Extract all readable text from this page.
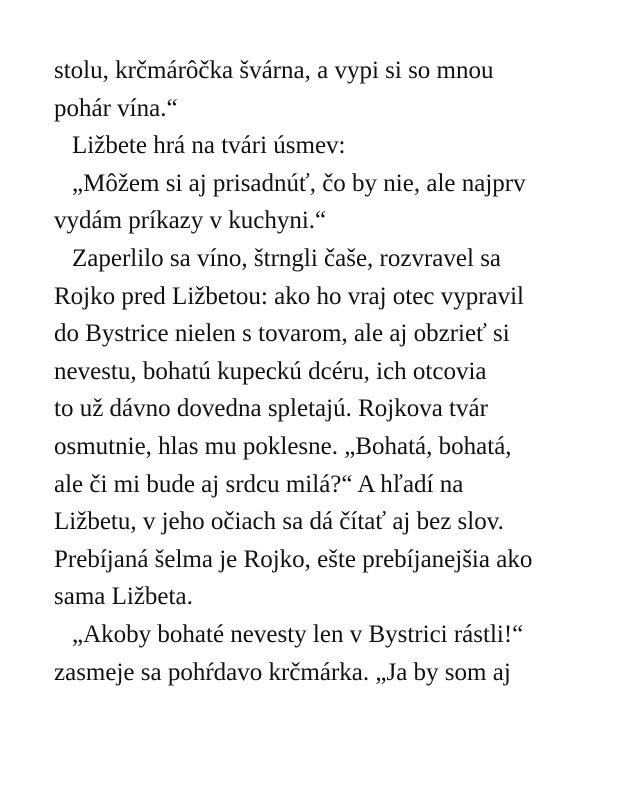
stolu, krčmárôčka švárna, a vypi si so mnou
pohár vína.“
Ližbete hrá na tvári úsmev:
„Môžem si aj prisadnúť, čo by nie, ale najprv
vydám príkazy v kuchyni.“
Zaperlilo sa víno, štrngli čaše, rozvravel sa
Rojko pred Ližbetou: ako ho vraj otec vypravil
do Bystrice nielen s tovarom, ale aj obzrieť si
nevestu, bohatú kupeckú dcéru, ich otcovia
to už dávno dovedna spletajú. Rojkova tvár
osmutnie, hlas mu poklesne. „Bohatá, bohatá,
ale či mi bude aj srdcu milá?“ A hľadí na
Ližbetu, v jeho očiach sa dá čítať aj bez slov.
Prebíjaná šelma je Rojko, ešte prebíjanejšia ako
sama Ližbeta.
„Akoby bohaté nevesty len v Bystrici rástli!“
zasmeje sa pohŕdavo krčmárka. „Ja by som aj
